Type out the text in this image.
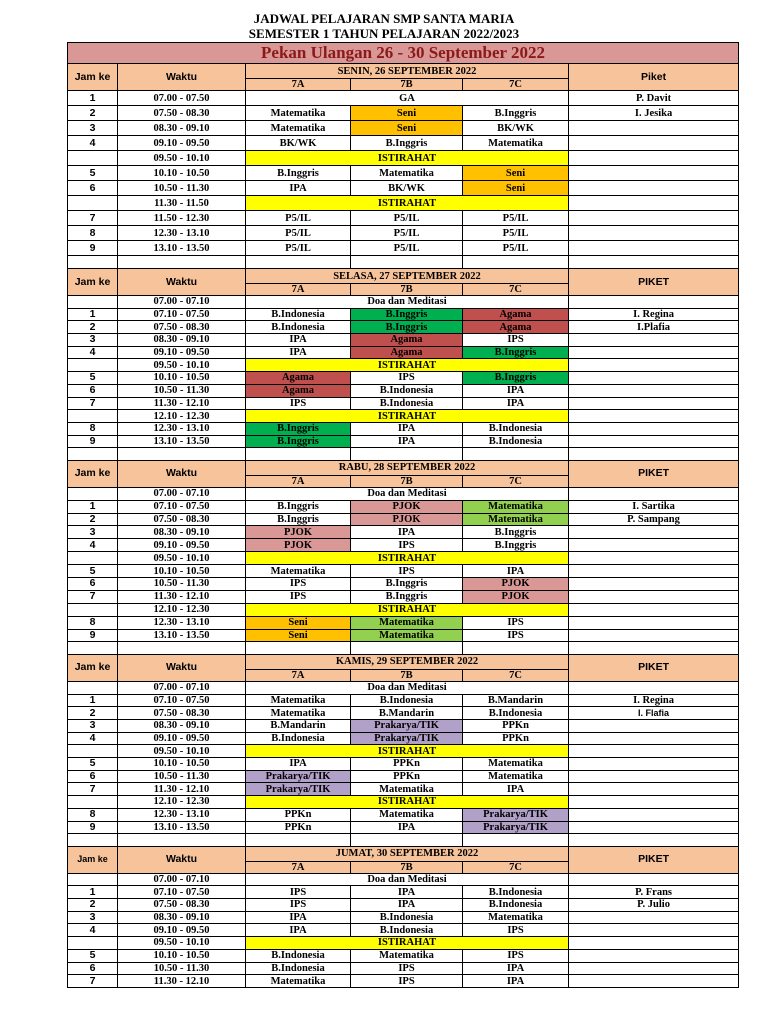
JADWAL PELAJARAN SMP SANTA MARIA
SEMESTER 1 TAHUN PELAJARAN 2022/2023
Pekan Ulangan 26 - 30 September 2022					
Jam ke	Waktu	SENIN, 26 SEPTEMBER 2022			Piket
		7A	7B	7C	
1	07.00 - 07.50	GA			P. Davit
2	07.50 - 08.30	Matematika	Seni	B.Inggris	I. Jesika
3	08.30 - 09.10	Matematika	Seni	BK/WK	
4	09.10 - 09.50	BK/WK	B.Inggris	Matematika	
	09.50 - 10.10	ISTIRAHAT			
5	10.10 - 10.50	B.Inggris	Matematika	Seni	
6	10.50 - 11.30	IPA	BK/WK	Seni	
	11.30 - 11.50	ISTIRAHAT			
7	11.50 - 12.30	P5/IL	P5/IL	P5/IL	
8	12.30 - 13.10	P5/IL	P5/IL	P5/IL	
9	13.10 - 13.50	P5/IL	P5/IL	P5/IL	

Jam ke	Waktu	SELASA, 27 SEPTEMBER 2022			PIKET
		7A	7B	7C	
	07.00 - 07.10	Doa dan Meditasi			
1	07.10 - 07.50	B.Indonesia	B.Inggris	Agama	I. Regina
2	07.50 - 08.30	B.Indonesia	B.Inggris	Agama	I.Plafia
3	08.30 - 09.10	IPA	Agama	IPS	
4	09.10 - 09.50	IPA	Agama	B.Inggris	
	09.50 - 10.10	ISTIRAHAT			
5	10.10 - 10.50	Agama	IPS	B.Inggris	
6	10.50 - 11.30	Agama	B.Indonesia	IPA	
7	11.30 - 12.10	IPS	B.Indonesia	IPA	
	12.10 - 12.30	ISTIRAHAT			
8	12.30 - 13.10	B.Inggris	IPA	B.Indonesia	
9	13.10 - 13.50	B.Inggris	IPA	B.Indonesia	

Jam ke	Waktu	RABU, 28 SEPTEMBER 2022			PIKET
		7A	7B	7C	
	07.00 - 07.10	Doa dan Meditasi			
1	07.10 - 07.50	B.Inggris	PJOK	Matematika	I. Sartika
2	07.50 - 08.30	B.Inggris	PJOK	Matematika	P. Sampang
3	08.30 - 09.10	PJOK	IPA	B.Inggris	
4	09.10 - 09.50	PJOK	IPS	B.Inggris	
	09.50 - 10.10	ISTIRAHAT			
5	10.10 - 10.50	Matematika	IPS	IPA	
6	10.50 - 11.30	IPS	B.Inggris	PJOK	
7	11.30 - 12.10	IPS	B.Inggris	PJOK	
	12.10 - 12.30	ISTIRAHAT			
8	12.30 - 13.10	Seni	Matematika	IPS	
9	13.10 - 13.50	Seni	Matematika	IPS	

Jam ke	Waktu	KAMIS, 29 SEPTEMBER 2022			PIKET
		7A	7B	7C	
	07.00 - 07.10	Doa dan Meditasi			
1	07.10 - 07.50	Matematika	B.Indonesia	B.Mandarin	I. Regina
2	07.50 - 08.30	Matematika	B.Mandarin	B.Indonesia	I. Flafia
3	08.30 - 09.10	B.Mandarin	Prakarya/TIK	PPKn	
4	09.10 - 09.50	B.Indonesia	Prakarya/TIK	PPKn	
	09.50 - 10.10	ISTIRAHAT			
5	10.10 - 10.50	IPA	PPKn	Matematika	
6	10.50 - 11.30	Prakarya/TIK	PPKn	Matematika	
7	11.30 - 12.10	Prakarya/TIK	Matematika	IPA	
	12.10 - 12.30	ISTIRAHAT			
8	12.30 - 13.10	PPKn	Matematika	Prakarya/TIK	
9	13.10 - 13.50	PPKn	IPA	Prakarya/TIK	

Jam ke	Waktu	JUMAT, 30 SEPTEMBER 2022			PIKET
		7A	7B	7C	
	07.00 - 07.10	Doa dan Meditasi			
1	07.10 - 07.50	IPS	IPA	B.Indonesia	P. Frans
2	07.50 - 08.30	IPS	IPA	B.Indonesia	P. Julio
3	08.30 - 09.10	IPA	B.Indonesia	Matematika	
4	09.10 - 09.50	IPA	B.Indonesia	IPS	
	09.50 - 10.10	ISTIRAHAT			
5	10.10 - 10.50	B.Indonesia	Matematika	IPS	
6	10.50 - 11.30	B.Indonesia	IPS	IPA	
7	11.30 - 12.10	Matematika	IPS	IPA	
